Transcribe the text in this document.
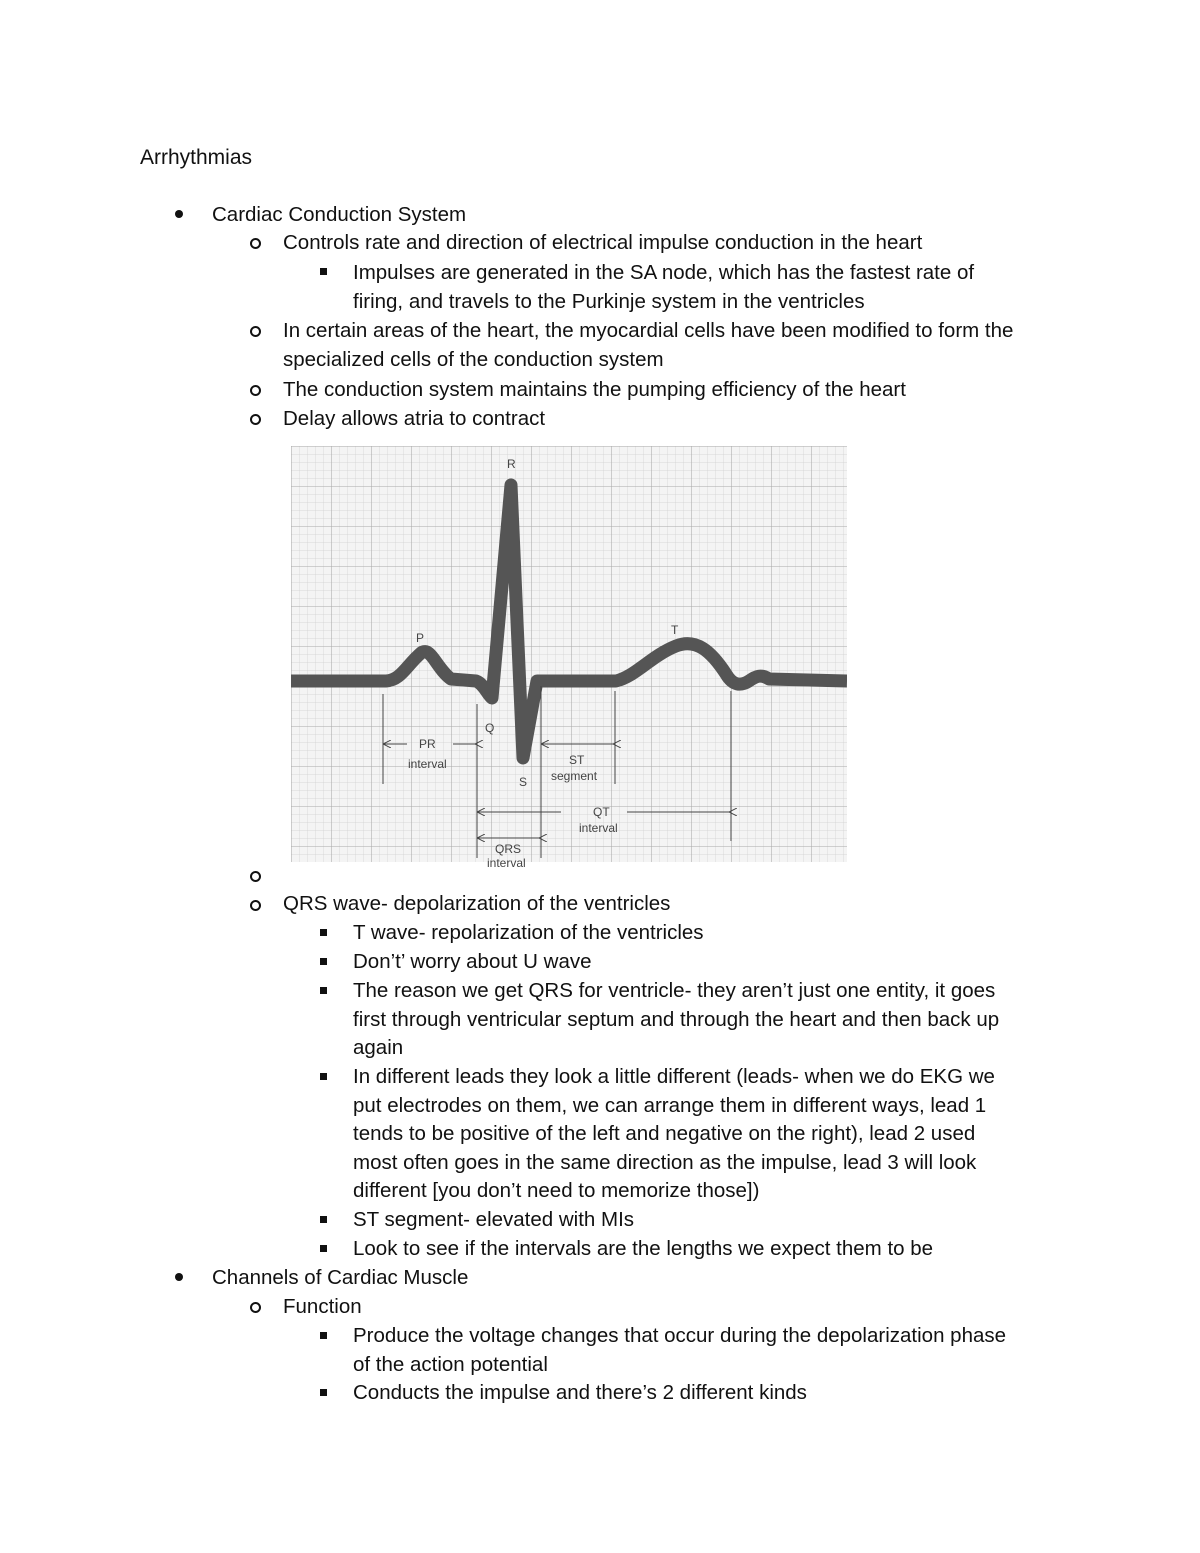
Arrhythmias
Cardiac Conduction System
Controls rate and direction of electrical impulse conduction in the heart
Impulses are generated in the SA node, which has the fastest rate of
firing, and travels to the Purkinje system in the ventricles
In certain areas of the heart, the myocardial cells have been modified to form the
specialized cells of the conduction system
The conduction system maintains the pumping efficiency of the heart
Delay allows atria to contract
R
P
T
Q
S
PR
interval	ST
segment
QT
interval
QRS
interval
QRS wave- depolarization of the ventricles
T wave- repolarization of the ventricles
Don’t’ worry about U wave
The reason we get QRS for ventricle- they aren’t just one entity, it goes
first through ventricular septum and through the heart and then back up
again
In different leads they look a little different (leads- when we do EKG we
put electrodes on them, we can arrange them in different ways, lead 1
tends to be positive of the left and negative on the right), lead 2 used
most often goes in the same direction as the impulse, lead 3 will look
different [you don’t need to memorize those])
ST segment- elevated with MIs
Look to see if the intervals are the lengths we expect them to be
Channels of Cardiac Muscle
Function
Produce the voltage changes that occur during the depolarization phase
of the action potential
Conducts the impulse and there’s 2 different kinds
